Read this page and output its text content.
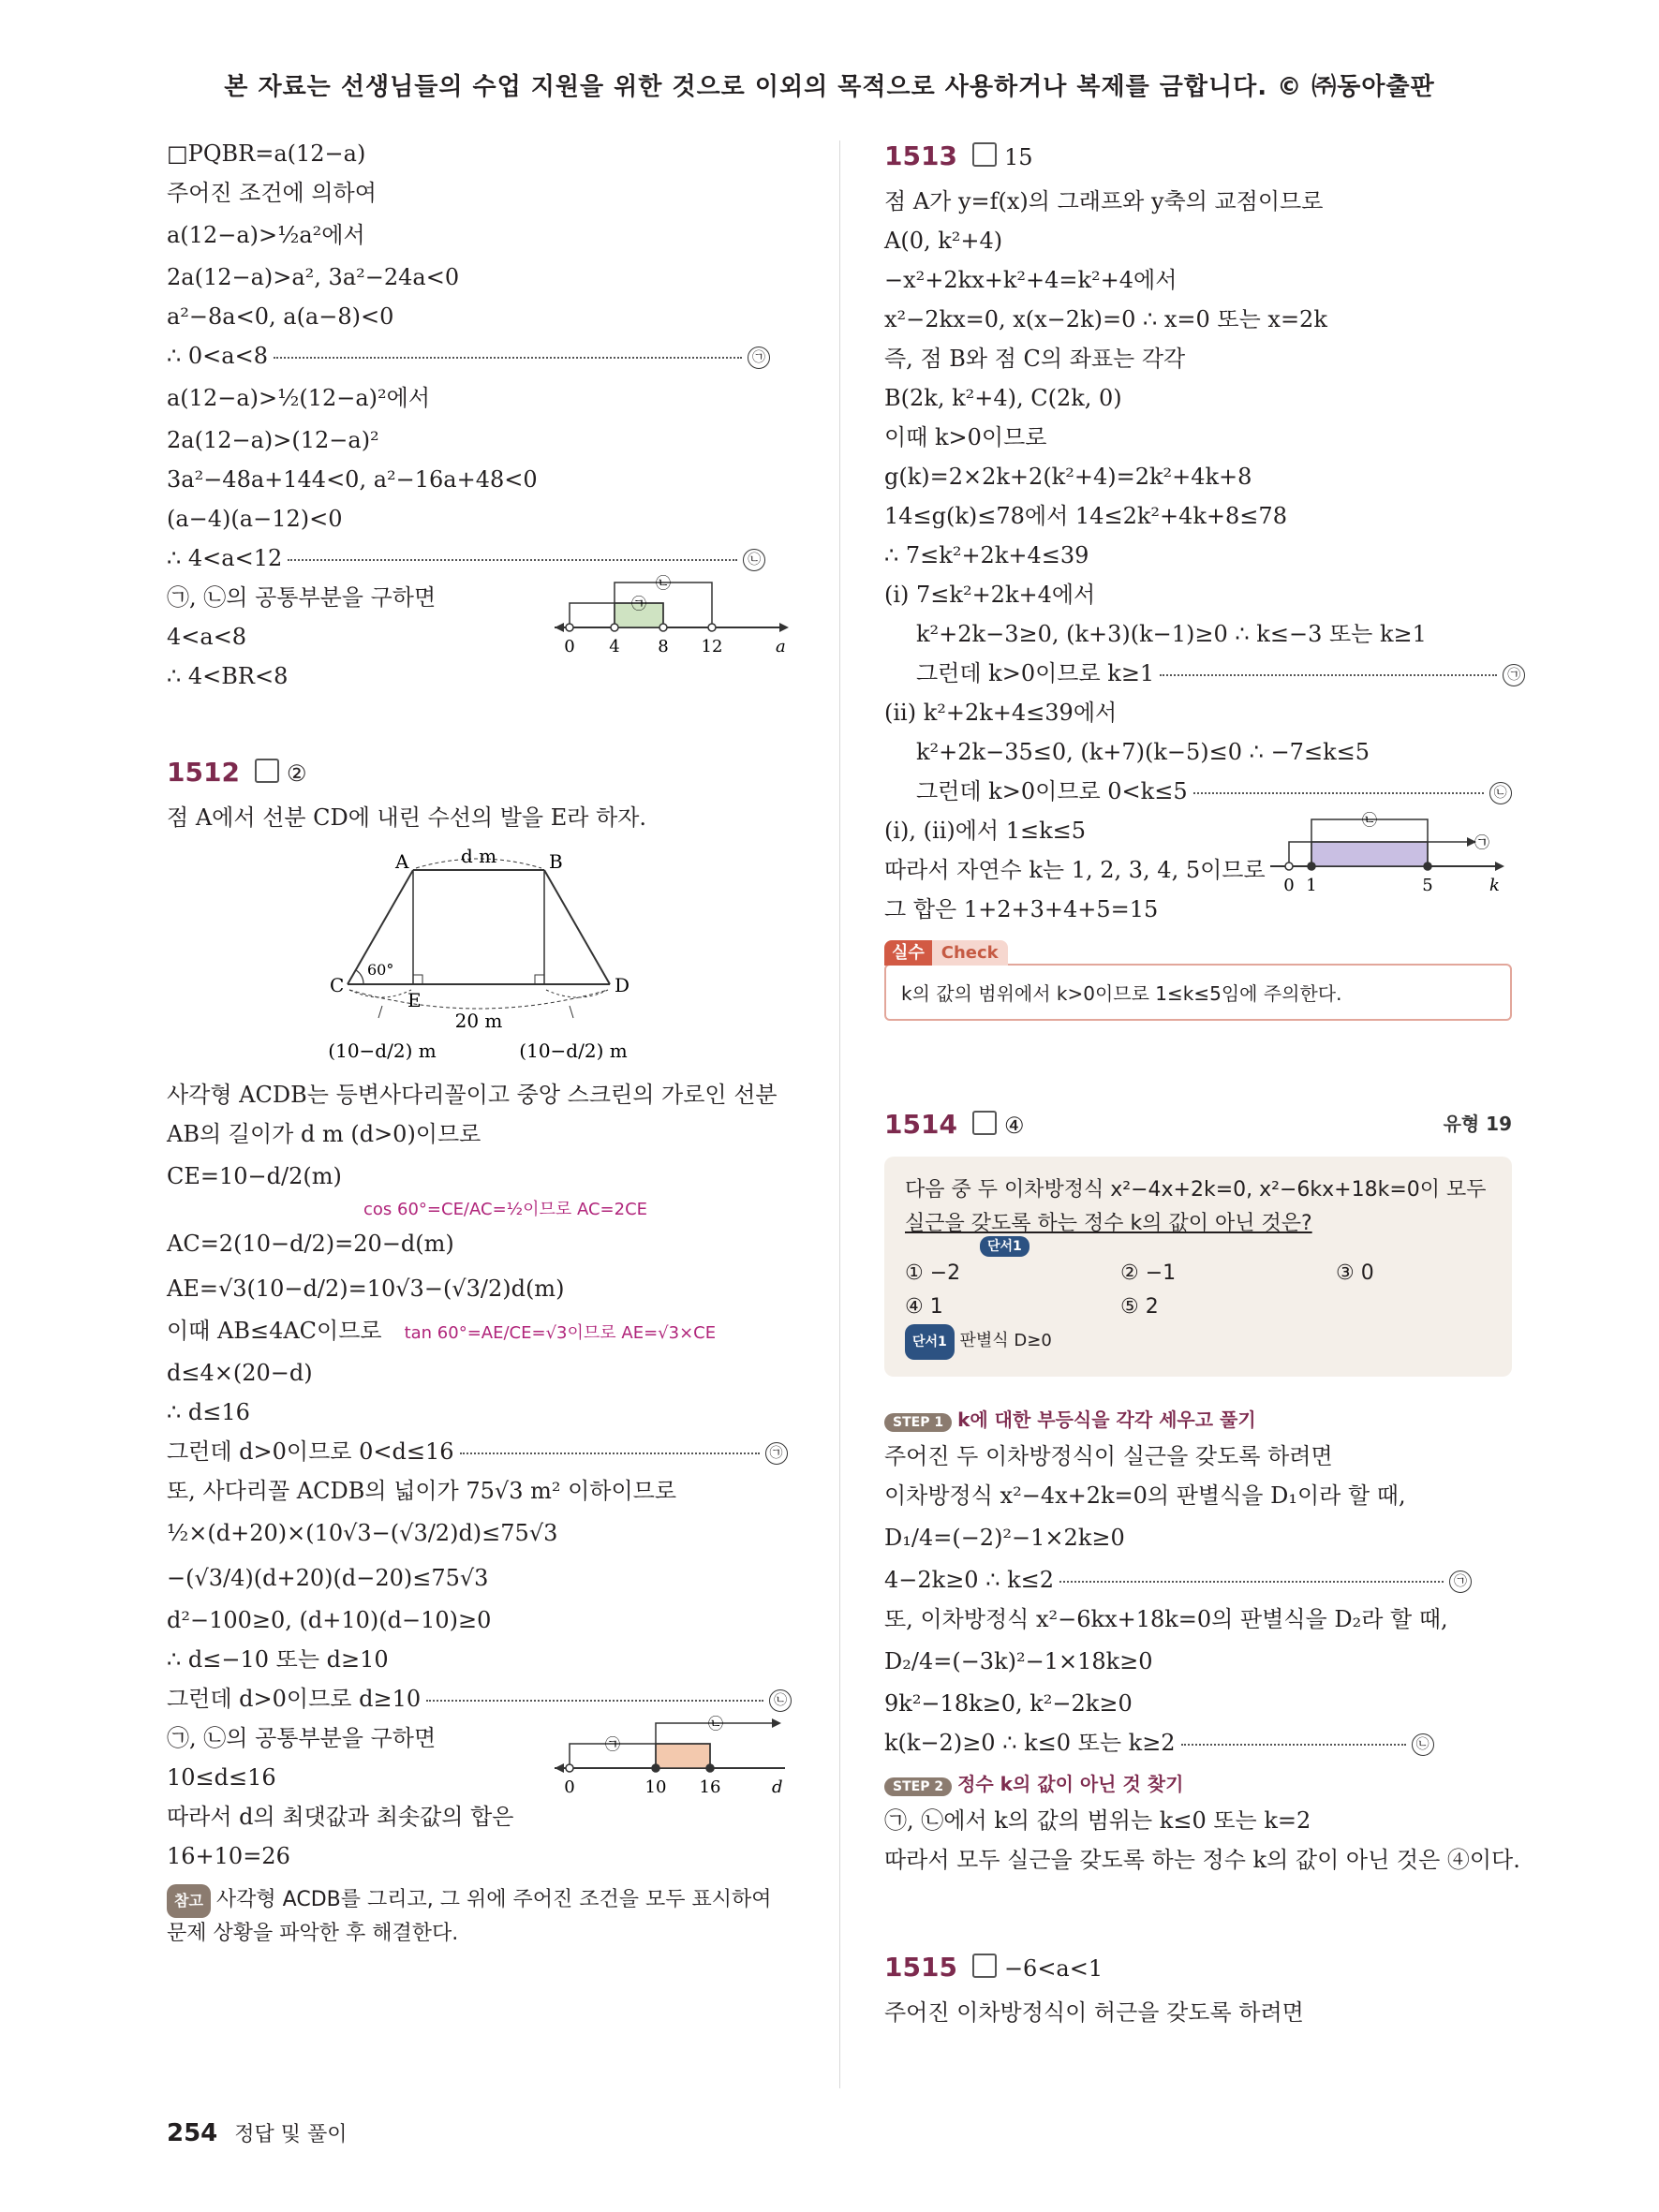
본 자료는 선생님들의 수업 지원을 위한 것으로 이외의 목적으로 사용하거나 복제를 금합니다. © ㈜동아출판
□PQBR=a(12−a)
주어진 조건에 의하여
a(12−a)>½a²에서
2a(12−a)>a², 3a²−24a<0
a²−8a<0, a(a−8)<0
∴ 0<a<8	㉠
a(12−a)>½(12−a)²에서
2a(12−a)>(12−a)²
3a²−48a+144<0, a²−16a+48<0
(a−4)(a−12)<0
∴ 4<a<12	㉡
0 4 8 12	a
㉠
㉡
㉠, ㉡의 공통부분을 구하면
4<a<8
∴ 4<BR<8
1512 ②
점 A에서 선분 CD에 내린 수선의 발을 E라 하자.
A	B
C	D
E
d m
20 m
60°
(10−d/2) m	(10−d/2) m
사각형 ACDB는 등변사다리꼴이고 중앙 스크린의 가로인 선분
AB의 길이가 d m (d>0)이므로
CE=10−d/2(m)
cos 60°=CE/AC=½이므로 AC=2CE
AC=2(10−d/2)=20−d(m)
AE=√3(10−d/2)=10√3−(√3/2)d(m)
이때 AB≤4AC이므로 tan 60°=AE/CE=√3이므로 AE=√3×CE
d≤4×(20−d)
∴ d≤16
그런데 d>0이므로 0<d≤16	㉠
또, 사다리꼴 ACDB의 넓이가 75√3 m² 이하이므로
½×(d+20)×(10√3−(√3/2)d)≤75√3
−(√3/4)(d+20)(d−20)≤75√3
d²−100≥0, (d+10)(d−10)≥0
∴ d≤−10 또는 d≥10
그런데 d>0이므로 d≥10	㉡
0	10 16	d
㉠
㉡
㉠, ㉡의 공통부분을 구하면
10≤d≤16
따라서 d의 최댓값과 최솟값의 합은
16+10=26
참고 사각형 ACDB를 그리고, 그 위에 주어진 조건을 모두 표시하여 문제 상황을 파악한 후 해결한다.
1513 15
점 A가 y=f(x)의 그래프와 y축의 교점이므로
A(0, k²+4)
−x²+2kx+k²+4=k²+4에서
x²−2kx=0, x(x−2k)=0 ∴ x=0 또는 x=2k
즉, 점 B와 점 C의 좌표는 각각
B(2k, k²+4), C(2k, 0)
이때 k>0이므로
g(k)=2×2k+2(k²+4)=2k²+4k+8
14≤g(k)≤78에서 14≤2k²+4k+8≤78
∴ 7≤k²+2k+4≤39
(i) 7≤k²+2k+4에서
k²+2k−3≥0, (k+3)(k−1)≥0 ∴ k≤−3 또는 k≥1
그런데 k>0이므로 k≥1	㉠
(ii) k²+2k+4≤39에서
k²+2k−35≤0, (k+7)(k−5)≤0 ∴ −7≤k≤5
그런데 k>0이므로 0<k≤5	㉡
0 1	5	k
㉡
㉠
(i), (ii)에서 1≤k≤5
따라서 자연수 k는 1, 2, 3, 4, 5이므로
그 합은 1+2+3+4+5=15
실수 Check
k의 값의 범위에서 k>0이므로 1≤k≤5임에 주의한다.
1514 ④	유형 19
다음 중 두 이차방정식 x²−4x+2k=0, x²−6kx+18k=0이 모두
실근을 갖도록 하는 정수 k의 값이 아닌 것은?
단서1
① −2	② −1	③ 0
④ 1	⑤ 2
단서1 판별식 D≥0
STEP 1 k에 대한 부등식을 각각 세우고 풀기
주어진 두 이차방정식이 실근을 갖도록 하려면
이차방정식 x²−4x+2k=0의 판별식을 D₁이라 할 때,
D₁/4=(−2)²−1×2k≥0
4−2k≥0 ∴ k≤2	㉠
또, 이차방정식 x²−6kx+18k=0의 판별식을 D₂라 할 때,
D₂/4=(−3k)²−1×18k≥0
9k²−18k≥0, k²−2k≥0
k(k−2)≥0 ∴ k≤0 또는 k≥2	㉡
STEP 2 정수 k의 값이 아닌 것 찾기
㉠, ㉡에서 k의 값의 범위는 k≤0 또는 k=2
따라서 모두 실근을 갖도록 하는 정수 k의 값이 아닌 것은 ④이다.
1515 −6<a<1
주어진 이차방정식이 허근을 갖도록 하려면
254 정답 및 풀이
